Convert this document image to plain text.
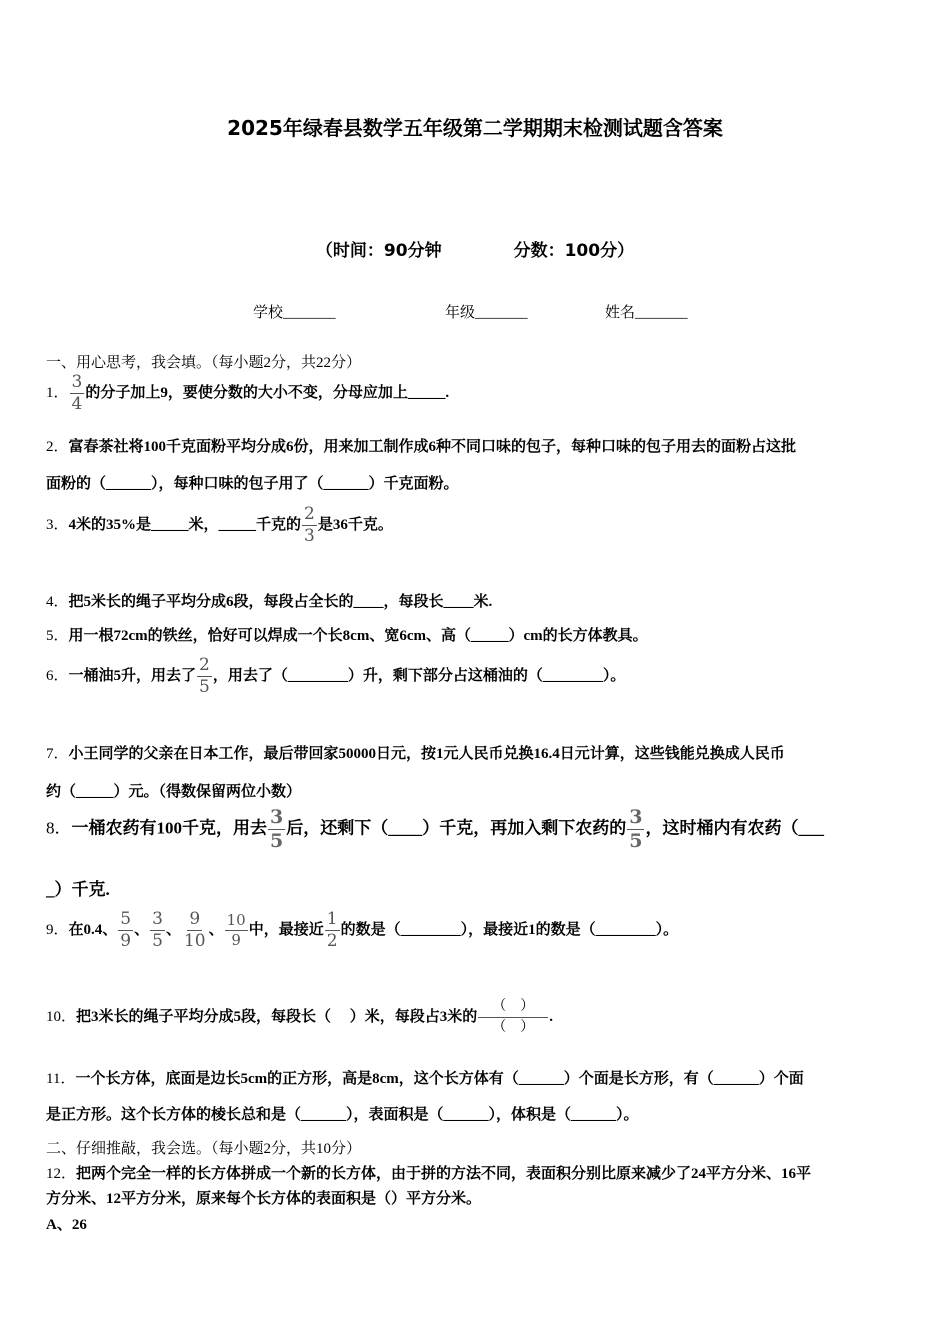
2025年绿春县数学五年级第二学期期末检测试题含答案
（时间：90分钟	分数：100分）
学校_______	年级_______	姓名_______
一、用心思考，我会填。（每小题2分，共22分）
1． $\frac{3}{4}$ 的分子加上9，要使分数的大小不变，分母应加上_____.
2．富春茶社将100千克面粉平均分成6份，用来加工制作成6种不同口味的包子，每种口味的包子用去的面粉占这批
面粉的（______），每种口味的包子用了（______）千克面粉。
3．4米的35%是_____米，_____千克的 $\frac{2}{3}$ 是36千克。
4．把5米长的绳子平均分成6段，每段占全长的____，每段长____米.
5．用一根72cm的铁丝，恰好可以焊成一个长8cm、宽6cm、高（_____）cm的长方体教具。
6．一桶油5升，用去了 $\frac{2}{5}$ ，用去了（________）升，剩下部分占这桶油的（________）。
7．小王同学的父亲在日本工作，最后带回家50000日元，按1元人民币兑换16.4日元计算，这些钱能兑换成人民币
约（_____）元。（得数保留两位小数）
8．一桶农药有100千克，用去 $\frac{3}{5}$ 后，还剩下（____）千克，再加入剩下农药的 $\frac{3}{5}$ ，这时桶内有农药（___
_）千克.
9．在0.4、 $\frac{5}{9}$ 、 $\frac{3}{5}$ 、 $\frac{9}{10}$ 、 $\frac{10}{9}$ 中，最接近 $\frac{1}{2}$ 的数是（________），最接近1的数是（________）。
10．把3米长的绳子平均分成5段，每段长（　 ）米，每段占3米的 $\frac{( )}{( )}$ .
11．一个长方体，底面是边长5cm的正方形，高是8cm，这个长方体有（______）个面是长方形，有（______）个面
是正方形。这个长方体的棱长总和是（______），表面积是（______），体积是（______）。
二、仔细推敲，我会选。（每小题2分，共10分）
12．把两个完全一样的长方体拼成一个新的长方体，由于拼的方法不同，表面积分别比原来减少了24平方分米、16平
方分米、12平方分米，原来每个长方体的表面积是（）平方分米。
A、26
